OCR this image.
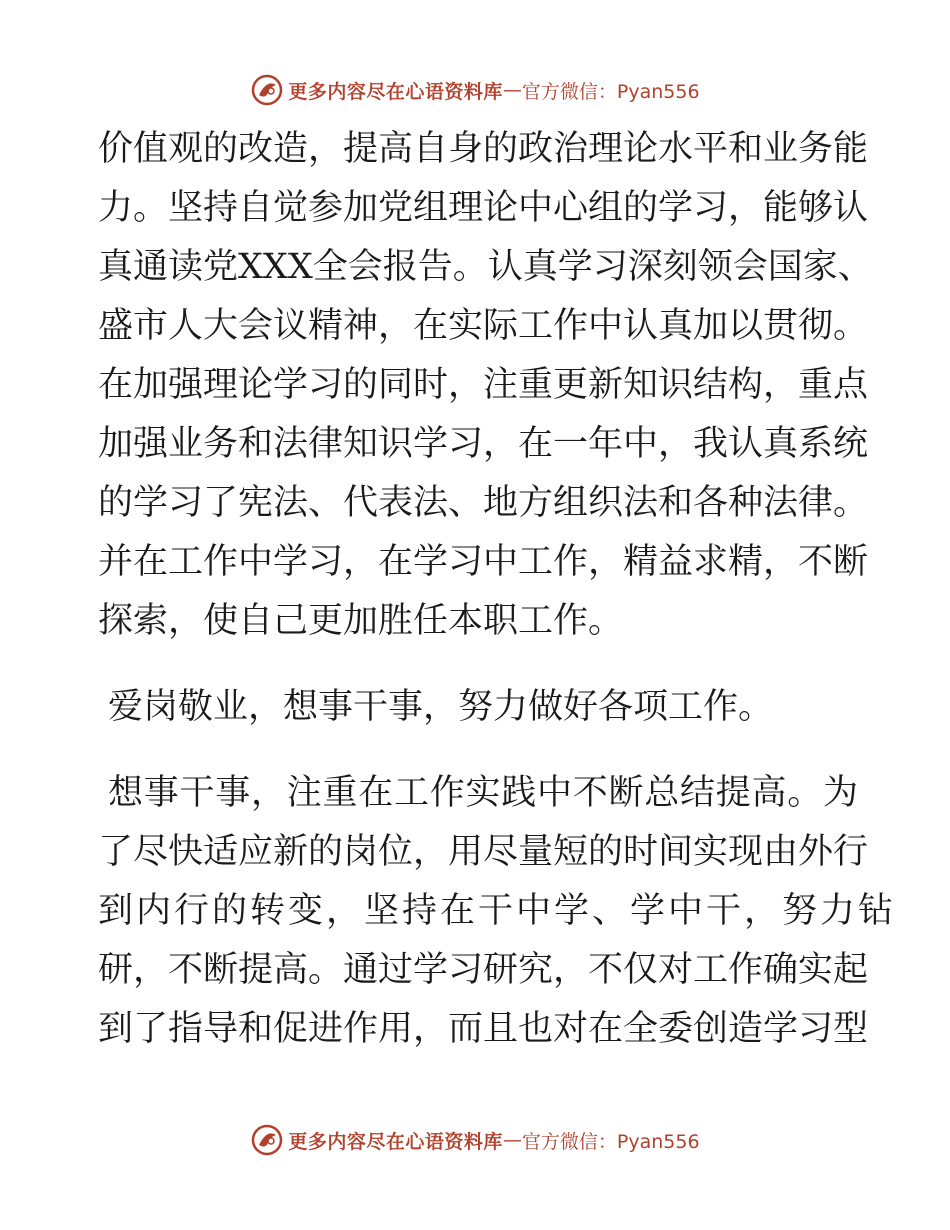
更多内容尽在心语资料库 — 官方微信：Pyan556
价值观的改造，提高自身的政治理论水平和业务能
力。坚持自觉参加党组理论中心组的学习，能够认
真通读党XXX全会报告。认真学习深刻领会国家、
盛市人大会议精神，在实际工作中认真加以贯彻。
在加强理论学习的同时，注重更新知识结构，重点
加强业务和法律知识学习，在一年中，我认真系统
的学习了宪法、代表法、地方组织法和各种法律。
并在工作中学习，在学习中工作，精益求精，不断
探索，使自己更加胜任本职工作。
爱岗敬业，想事干事，努力做好各项工作。
想事干事，注重在工作实践中不断总结提高。为
了尽快适应新的岗位，用尽量短的时间实现由外行
到内行的转变，坚持在干中学、学中干，努力钻
研，不断提高。通过学习研究，不仅对工作确实起
到了指导和促进作用，而且也对在全委创造学习型
更多内容尽在心语资料库 — 官方微信：Pyan556
